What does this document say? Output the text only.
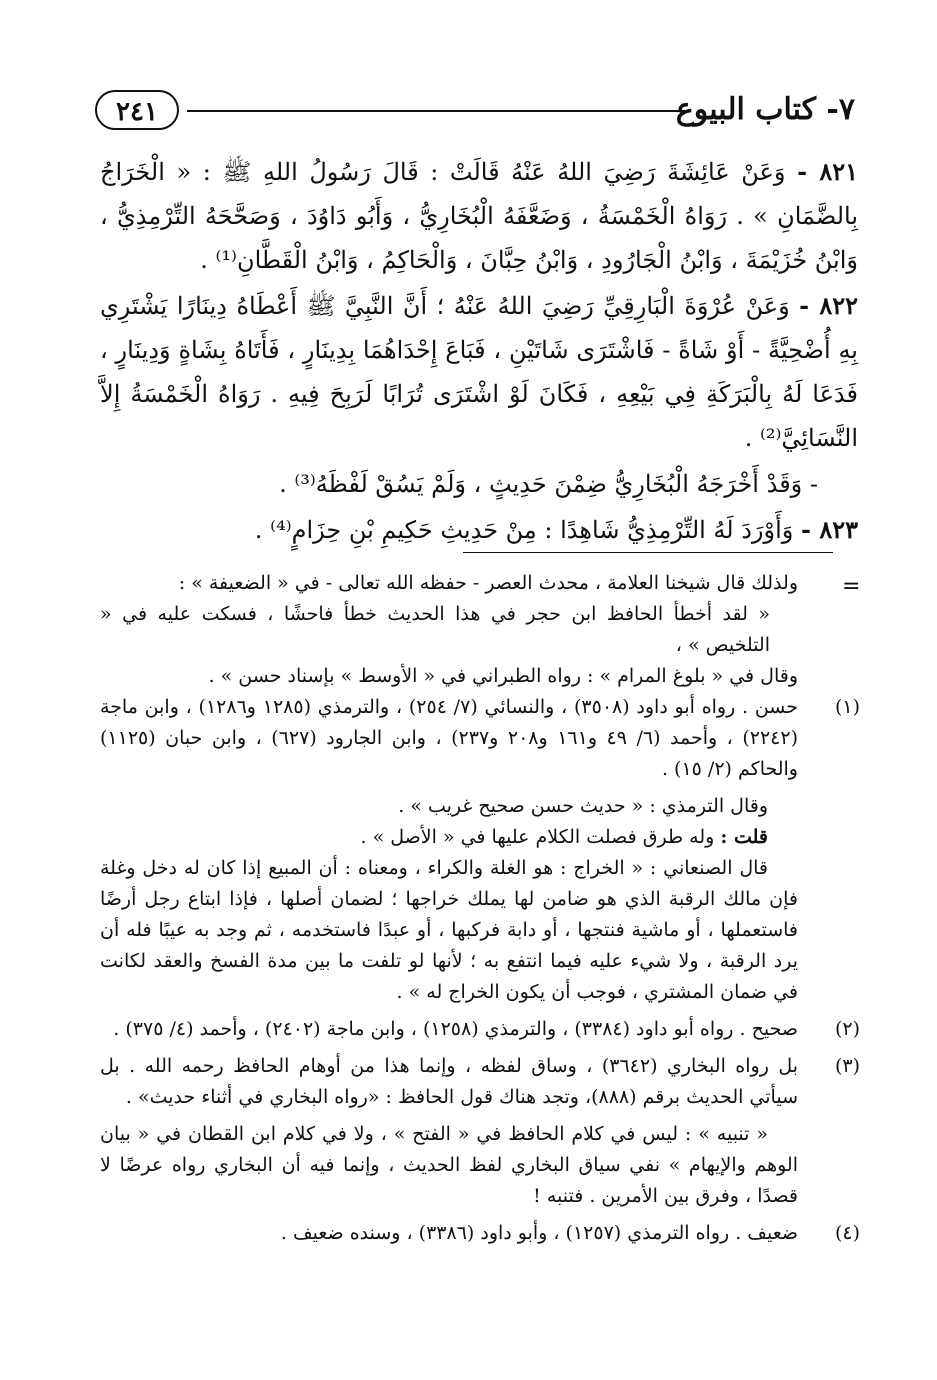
٢٤١	٧- كتاب البيوع

٨٢١ - وَعَنْ عَائِشَةَ رَضِيَ اللهُ عَنْهُ قَالَتْ : قَالَ رَسُولُ اللهِ ﷺ : « الْخَرَاجُ بِالضَّمَانِ » . رَوَاهُ الْخَمْسَةُ ، وَضَعَّفَهُ الْبُخَارِيُّ ، وَأَبُو دَاوُدَ ، وَصَحَّحَهُ التِّرْمِذِيُّ ، وَابْنُ خُزَيْمَةَ ، وَابْنُ الْجَارُودِ ، وَابْنُ حِبَّانَ ، وَالْحَاكِمُ ، وَابْنُ الْقَطَّانِ⁽¹⁾ .

٨٢٢ - وَعَنْ عُرْوَةَ الْبَارِقِيِّ رَضِيَ اللهُ عَنْهُ ؛ أَنَّ النَّبِيَّ ﷺ أَعْطَاهُ دِينَارًا يَشْتَرِي بِهِ أُضْحِيَّةً - أَوْ شَاةً - فَاشْتَرَى شَاتَيْنِ ، فَبَاعَ إِحْدَاهُمَا بِدِينَارٍ ، فَأَتَاهُ بِشَاةٍ وَدِينَارٍ ، فَدَعَا لَهُ بِالْبَرَكَةِ فِي بَيْعِهِ ، فَكَانَ لَوْ اشْتَرَى تُرَابًا لَرَبِحَ فِيهِ . رَوَاهُ الْخَمْسَةُ إِلاَّ النَّسَائِيَّ⁽²⁾ .

- وَقَدْ أَخْرَجَهُ الْبُخَارِيُّ ضِمْنَ حَدِيثٍ ، وَلَمْ يَسُقْ لَفْظَهُ⁽³⁾ .

٨٢٣ - وَأَوْرَدَ لَهُ التِّرْمِذِيُّ شَاهِدًا : مِنْ حَدِيثِ حَكِيمِ بْنِ حِزَامٍ⁽⁴⁾ .

=

ولذلك قال شيخنا العلامة ، محدث العصر - حفظه الله تعالى - في « الضعيفة » :

« لقد أخطأ الحافظ ابن حجر في هذا الحديث خطأ فاحشًا ، فسكت عليه في « التلخيص » ،

وقال في « بلوغ المرام » : رواه الطبراني في « الأوسط » بإسناد حسن » .

(١)

حسن . رواه أبو داود (٣٥٠٨) ، والنسائي (٧/ ٢٥٤) ، والترمذي (١٢٨٥ و١٢٨٦) ، وابن ماجة (٢٢٤٢) ، وأحمد (٦/ ٤٩ و١٦١ و٢٠٨ و٢٣٧) ، وابن الجارود (٦٢٧) ، وابن حبان (١١٢٥) والحاكم (٢/ ١٥) .

وقال الترمذي : « حديث حسن صحيح غريب » .

قلت : وله طرق فصلت الكلام عليها في « الأصل » .

قال الصنعاني : « الخراج : هو الغلة والكراء ، ومعناه : أن المبيع إذا كان له دخل وغلة فإن مالك الرقبة الذي هو ضامن لها يملك خراجها ؛ لضمان أصلها ، فإذا ابتاع رجل أرضًا فاستعملها ، أو ماشية فنتجها ، أو دابة فركبها ، أو عبدًا فاستخدمه ، ثم وجد به عيبًا فله أن يرد الرقبة ، ولا شيء عليه فيما انتفع به ؛ لأنها لو تلفت ما بين مدة الفسخ والعقد لكانت في ضمان المشتري ، فوجب أن يكون الخراج له » .

(٢)

صحيح . رواه أبو داود (٣٣٨٤) ، والترمذي (١٢٥٨) ، وابن ماجة (٢٤٠٢) ، وأحمد (٤/ ٣٧٥) .

(٣)

بل رواه البخاري (٣٦٤٢) ، وساق لفظه ، وإنما هذا من أوهام الحافظ رحمه الله . بل سيأتي الحديث برقم (٨٨٨)، وتجد هناك قول الحافظ : «رواه البخاري في أثناء حديث» .

« تنبيه » : ليس في كلام الحافظ في « الفتح » ، ولا في كلام ابن القطان في « بيان الوهم والإيهام » نفي سياق البخاري لفظ الحديث ، وإنما فيه أن البخاري رواه عرضًا لا قصدًا ، وفرق بين الأمرين . فتنبه !

(٤)

ضعيف . رواه الترمذي (١٢٥٧) ، وأبو داود (٣٣٨٦) ، وسنده ضعيف .
